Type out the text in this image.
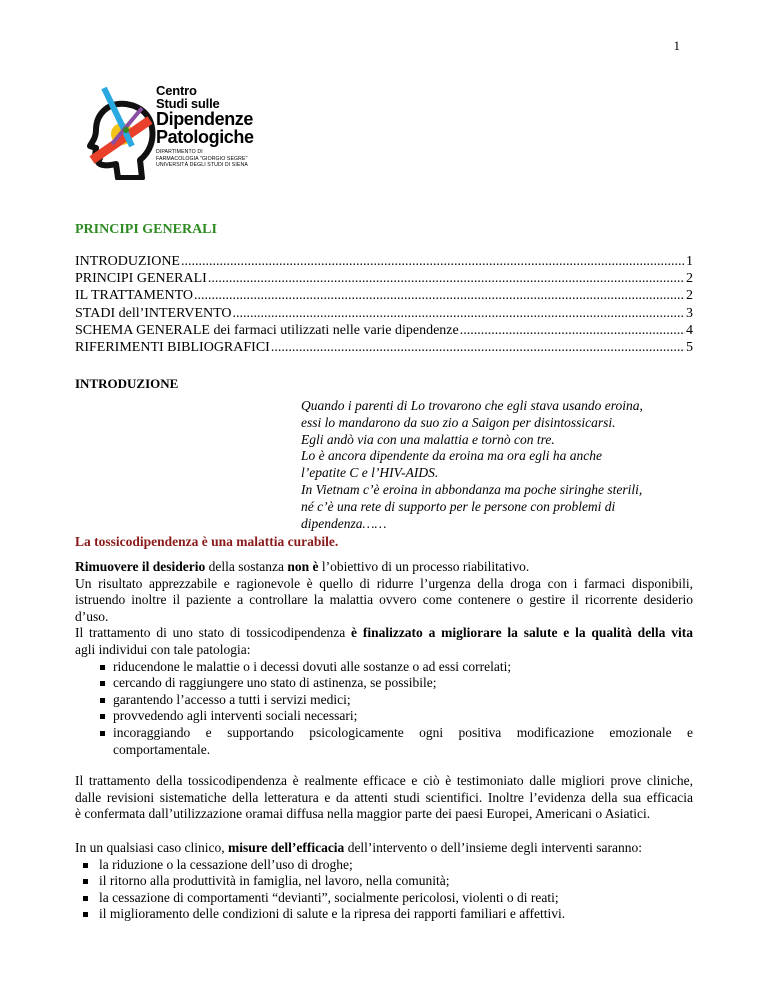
1
Centro
Studi sulle
Dipendenze
Patologiche
DIPARTIMENTO DI
FARMACOLOGIA "GIORGIO SEGRE"
UNIVERSITÀ DEGLI STUDI DI SIENA
PRINCIPI GENERALI
INTRODUZIONE .....	1
PRINCIPI GENERALI .....	2
IL TRATTAMENTO .....	2
STADI dell’INTERVENTO .....	3
SCHEMA GENERALE dei farmaci utilizzati nelle varie dipendenze .....	4
RIFERIMENTI BIBLIOGRAFICI .....	5
INTRODUZIONE
Quando i parenti di Lo trovarono che egli stava usando eroina,
essi lo mandarono da suo zio a Saigon per disintossicarsi.
Egli andò via con una malattia e tornò con tre.
Lo è ancora dipendente da eroina ma ora egli ha anche
l’epatite C e l’HIV-AIDS.
In Vietnam c’è eroina in abbondanza ma poche siringhe sterili,
né c’è una rete di supporto per le persone con problemi di
dipendenza……
La tossicodipendenza è una malattia curabile.

Rimuovere il desiderio della sostanza non è l’obiettivo di un processo riabilitativo.

Un risultato apprezzabile e ragionevole è quello di ridurre l’urgenza della droga con i farmaci disponibili,

istruendo inoltre il paziente a controllare la malattia ovvero come contenere o gestire il ricorrente desiderio

d’uso.

Il trattamento di uno stato di tossicodipendenza è finalizzato a migliorare la salute e la qualità della vita

agli individui con tale patologia:

riducendone le malattie o i decessi dovuti alle sostanze o ad essi correlati;
cercando di raggiungere uno stato di astinenza, se possibile;
garantendo l’accesso a tutti i servizi medici;
provvedendo agli interventi sociali necessari;
incoraggiando e supportando psicologicamente ogni positiva modificazione emozionale e
comportamentale.

Il trattamento della tossicodipendenza è realmente efficace e ciò è testimoniato dalle migliori prove cliniche,

dalle revisioni sistematiche della letteratura e da attenti studi scientifici. Inoltre l’evidenza della sua efficacia

è confermata dall’utilizzazione oramai diffusa nella maggior parte dei paesi Europei, Americani o Asiatici.

In un qualsiasi caso clinico, misure dell’efficacia dell’intervento o dell’insieme degli interventi saranno:

la riduzione o la cessazione dell’uso di droghe;
il ritorno alla produttività in famiglia, nel lavoro, nella comunità;
la cessazione di comportamenti “devianti”, socialmente pericolosi, violenti o di reati;
il miglioramento delle condizioni di salute e la ripresa dei rapporti familiari e affettivi.
